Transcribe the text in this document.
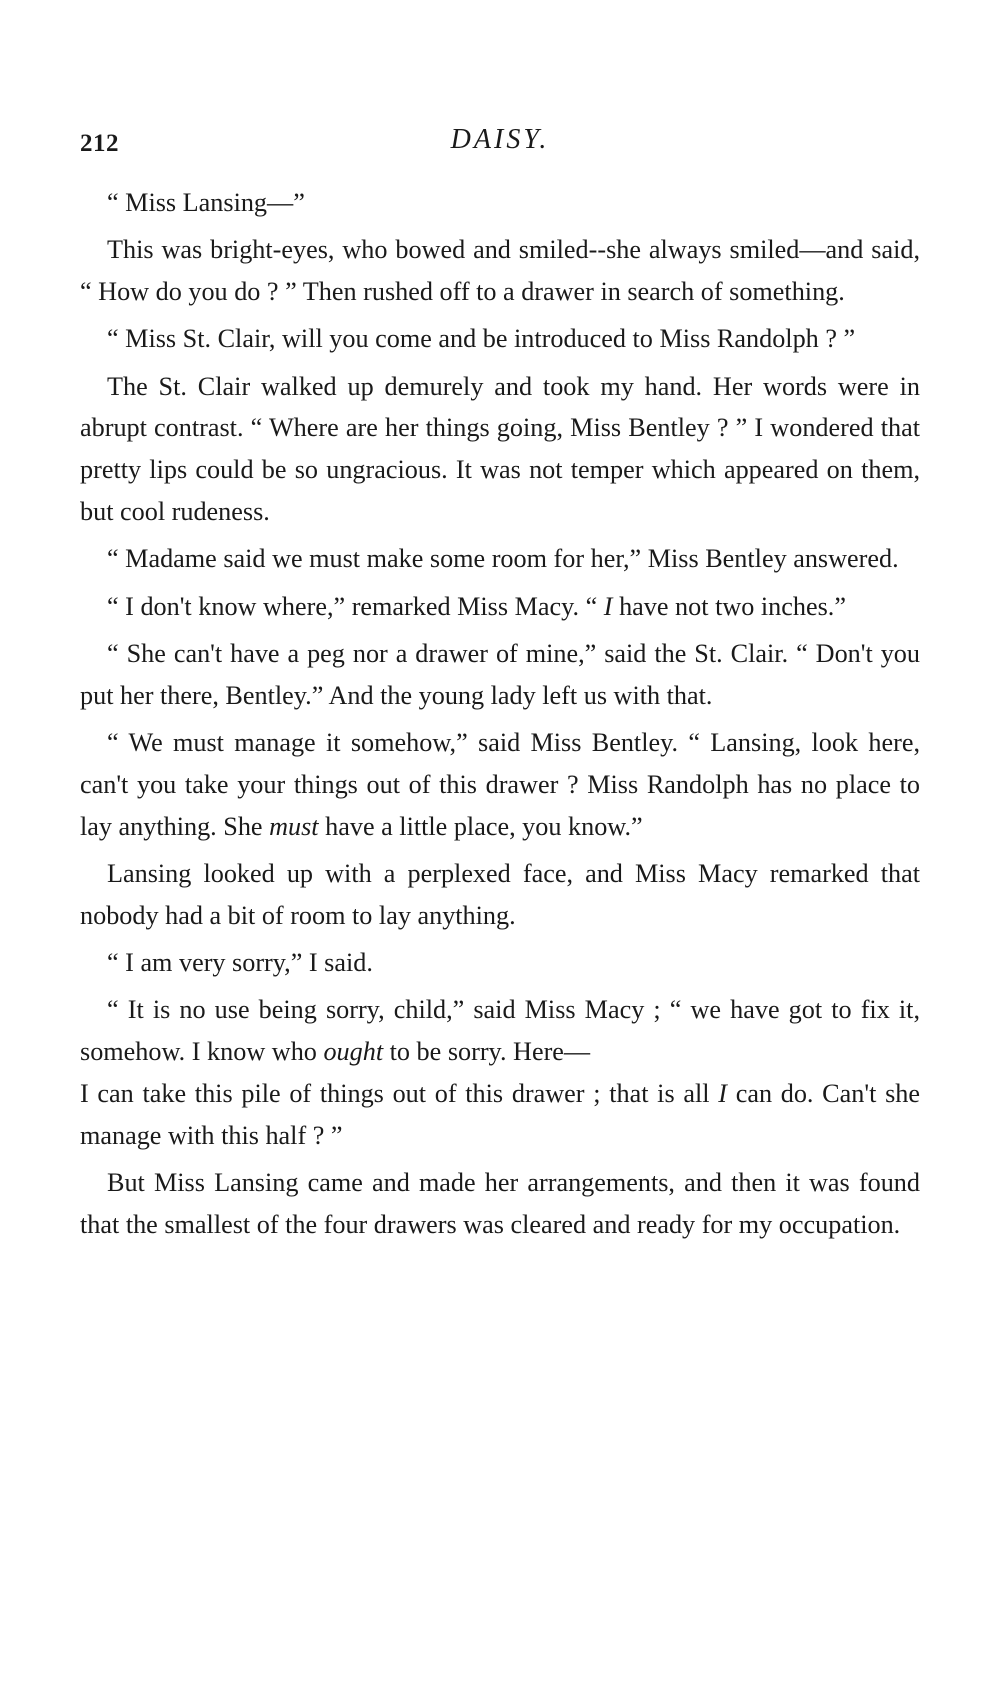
212	DAISY.

“ Miss Lansing—”

This was bright-eyes, who bowed and smiled--she always smiled—and said, “ How do you do ? ” Then rushed off to a drawer in search of something.

“ Miss St. Clair, will you come and be introduced to Miss Randolph ? ”

The St. Clair walked up demurely and took my hand. Her words were in abrupt contrast. “ Where are her things going, Miss Bentley ? ” I wondered that pretty lips could be so ungracious. It was not temper which appeared on them, but cool rudeness.

“ Madame said we must make some room for her,” Miss Bentley answered.

“ I don't know where,” remarked Miss Macy. “ I have not two inches.”

“ She can't have a peg nor a drawer of mine,” said the St. Clair. “ Don't you put her there, Bentley.” And the young lady left us with that.

“ We must manage it somehow,” said Miss Bentley. “ Lansing, look here, can't you take your things out of this drawer ? Miss Randolph has no place to lay anything. She must have a little place, you know.”

Lansing looked up with a perplexed face, and Miss Macy remarked that nobody had a bit of room to lay anything.

“ I am very sorry,” I said.

“ It is no use being sorry, child,” said Miss Macy ; “ we have got to fix it, somehow. I know who ought to be sorry. Here—

I can take this pile of things out of this drawer ; that is all I can do. Can't she manage with this half ? ”

But Miss Lansing came and made her arrangements, and then it was found that the smallest of the four drawers was cleared and ready for my occupation.
